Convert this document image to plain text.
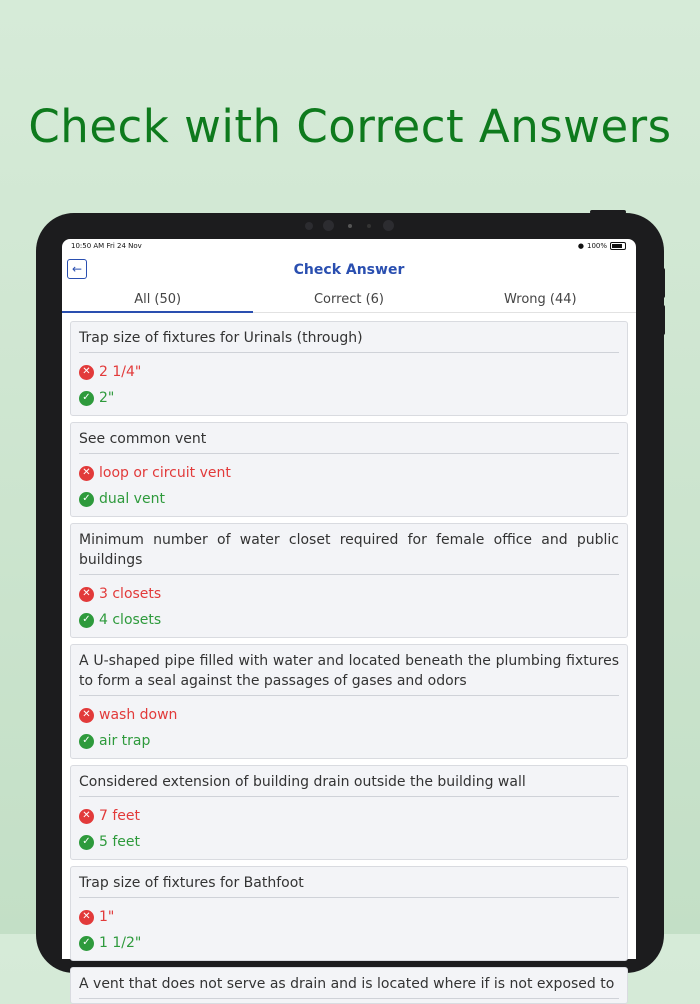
Check with Correct Answers
10:50 AM Fri 24 Nov	● 100%
←	Check Answer
All (50)	Correct (6)	Wrong (44)
Trap size of fixtures for Urinals (through)
✕ 2 1/4"
✓ 2"
See common vent
✕ loop or circuit vent
✓ dual vent
Minimum number of water closet required for female office and public buildings
✕ 3 closets
✓ 4 closets
A U-shaped pipe filled with water and located beneath the plumbing fixtures to form a seal against the passages of gases and odors
✕ wash down
✓ air trap
Considered extension of building drain outside the building wall
✕ 7 feet
✓ 5 feet
Trap size of fixtures for Bathfoot
✕ 1"
✓ 1 1/2"
A vent that does not serve as drain and is located where if is not exposed to
